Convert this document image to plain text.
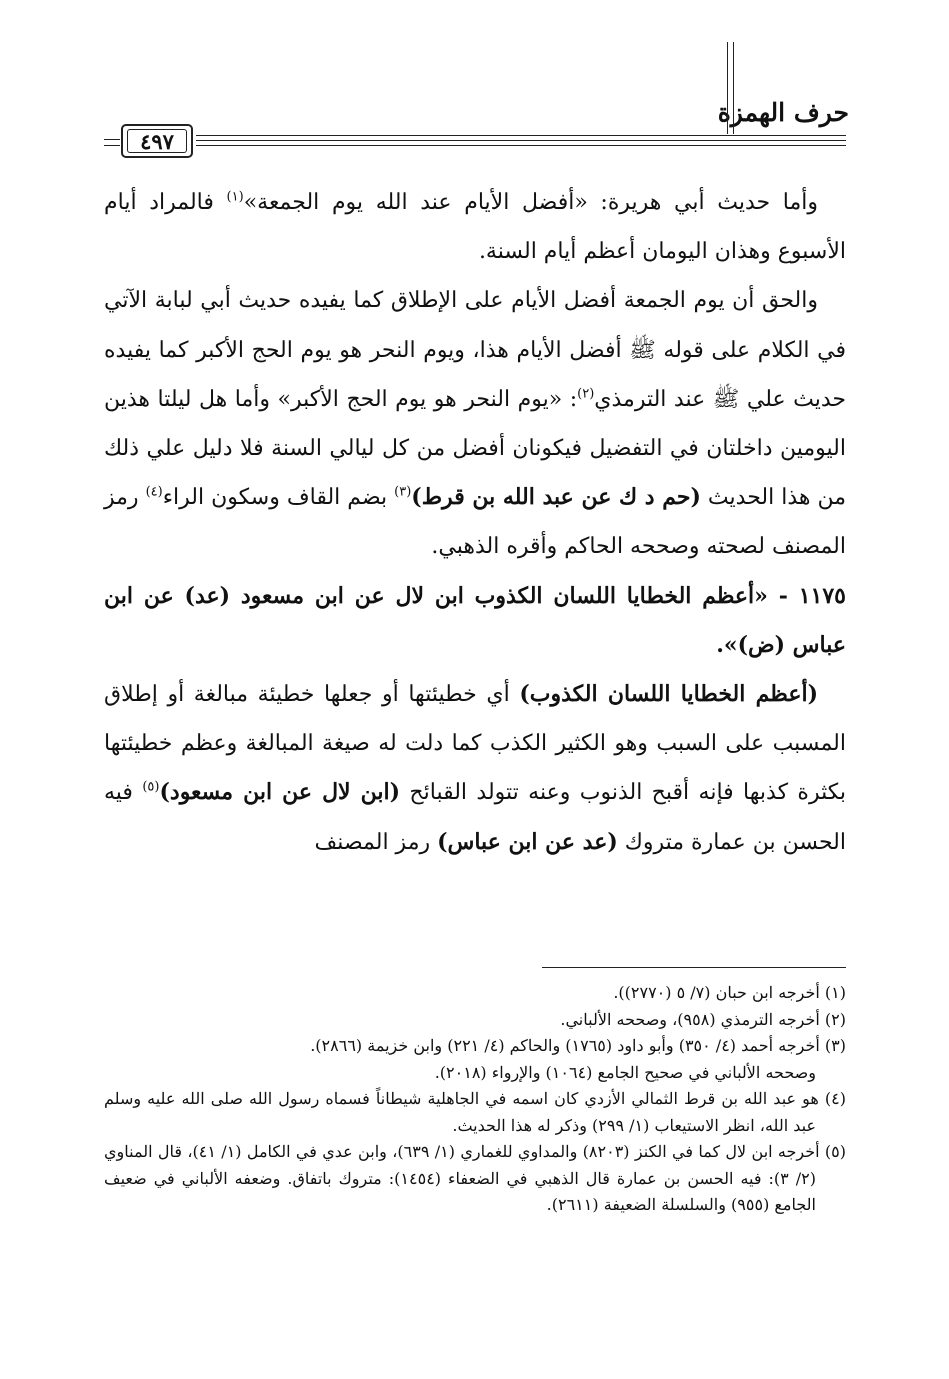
حرف الهمزة
٤٩٧

وأما حديث أبي هريرة: «أفضل الأيام عند الله يوم الجمعة»$^{(١)}$ فالمراد أيام الأسبوع وهذان اليومان أعظم أيام السنة.

والحق أن يوم الجمعة أفضل الأيام على الإطلاق كما يفيده حديث أبي لبابة الآتي في الكلام على قوله ﷺ أفضل الأيام هذا، ويوم النحر هو يوم الحج الأكبر كما يفيده حديث علي ﷺ عند الترمذي$^{(٢)}$: «يوم النحر هو يوم الحج الأكبر» وأما هل ليلتا هذين اليومين داخلتان في التفضيل فيكونان أفضل من كل ليالي السنة فلا دليل علي ذلك من هذا الحديث (حم د ك عن عبد الله بن قرط)$^{(٣)}$ بضم القاف وسكون الراء$^{(٤)}$ رمز المصنف لصحته وصححه الحاكم وأقره الذهبي.

١١٧٥ - «أعظم الخطايا اللسان الكذوب ابن لال عن ابن مسعود (عد) عن ابن عباس (ض)».

(أعظم الخطايا اللسان الكذوب) أي خطيئتها أو جعلها خطيئة مبالغة أو إطلاق المسبب على السبب وهو الكثير الكذب كما دلت له صيغة المبالغة وعظم خطيئتها بكثرة كذبها فإنه أقبح الذنوب وعنه تتولد القبائح (ابن لال عن ابن مسعود)$^{(٥)}$ فيه الحسن بن عمارة متروك (عد عن ابن عباس) رمز المصنف

(١) أخرجه ابن حبان (٧/ ٥ (٢٧٧٠)).

(٢) أخرجه الترمذي (٩٥٨)، وصححه الألباني.

(٣) أخرجه أحمد (٤/ ٣٥٠) وأبو داود (١٧٦٥) والحاكم (٤/ ٢٢١) وابن خزيمة (٢٨٦٦).

وصححه الألباني في صحيح الجامع (١٠٦٤) والإرواء (٢٠١٨).

(٤) هو عبد الله بن قرط الثمالي الأزدي كان اسمه في الجاهلية شيطاناً فسماه رسول الله صلى الله عليه وسلم عبد الله، انظر الاستيعاب (١/ ٢٩٩) وذكر له هذا الحديث.

(٥) أخرجه ابن لال كما في الكنز (٨٢٠٣) والمداوي للغماري (١/ ٦٣٩)، وابن عدي في الكامل (١/ ٤١)، قال المناوي (٢/ ٣): فيه الحسن بن عمارة قال الذهبي في الضعفاء (١٤٥٤): متروك باتفاق. وضعفه الألباني في ضعيف الجامع (٩٥٥) والسلسلة الضعيفة (٢٦١١).
